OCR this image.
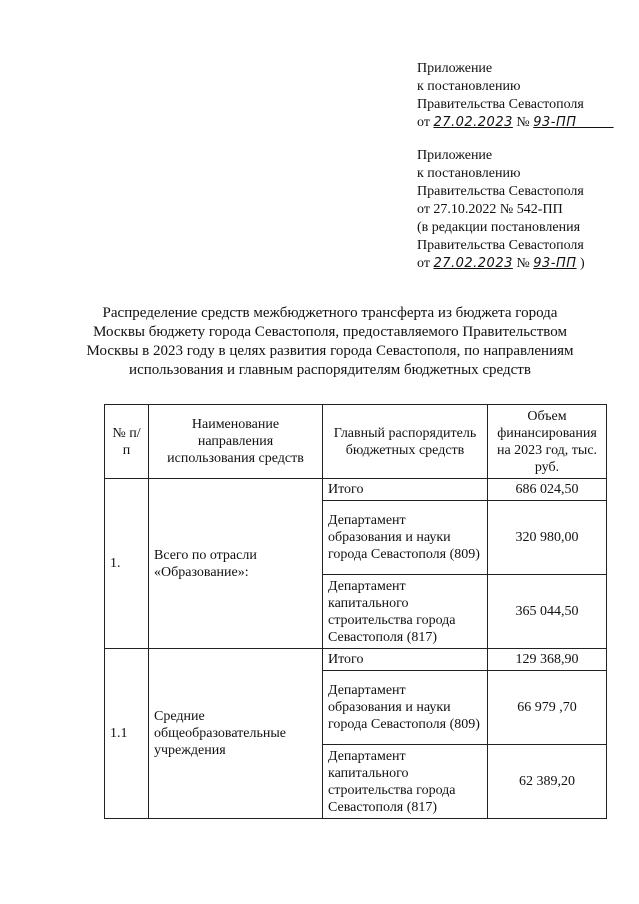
Приложение
к постановлению
Правительства Севастополя
от 27.02.2023 № 93-ПП
Приложение
к постановлению
Правительства Севастополя
от 27.10.2022 № 542-ПП
(в редакции постановления
Правительства Севастополя
от 27.02.2023 № 93-ПП )
Распределение средств межбюджетного трансферта из бюджета города
Москвы бюджету города Севастополя, предоставляемого Правительством
Москвы в 2023 году в целях развития города Севастополя, по направлениям
использования и главным распорядителям бюджетных средств
№ п/п	Наименование направления использования средств	Главный распорядитель бюджетных средств	Объем финансирования на 2023 год, тыс. руб.
1.	Всего по отрасли «Образование»:	Итого	686 024,50
		Департамент образования и науки города Севастополя (809)	320 980,00
		Департамент капитального строительства города Севастополя (817)	365 044,50
1.1	Средние общеобразовательные учреждения	Итого	129 368,90
		Департамент образования и науки города Севастополя (809)	66 979 ,70
		Департамент капитального строительства города Севастополя (817)	62 389,20
